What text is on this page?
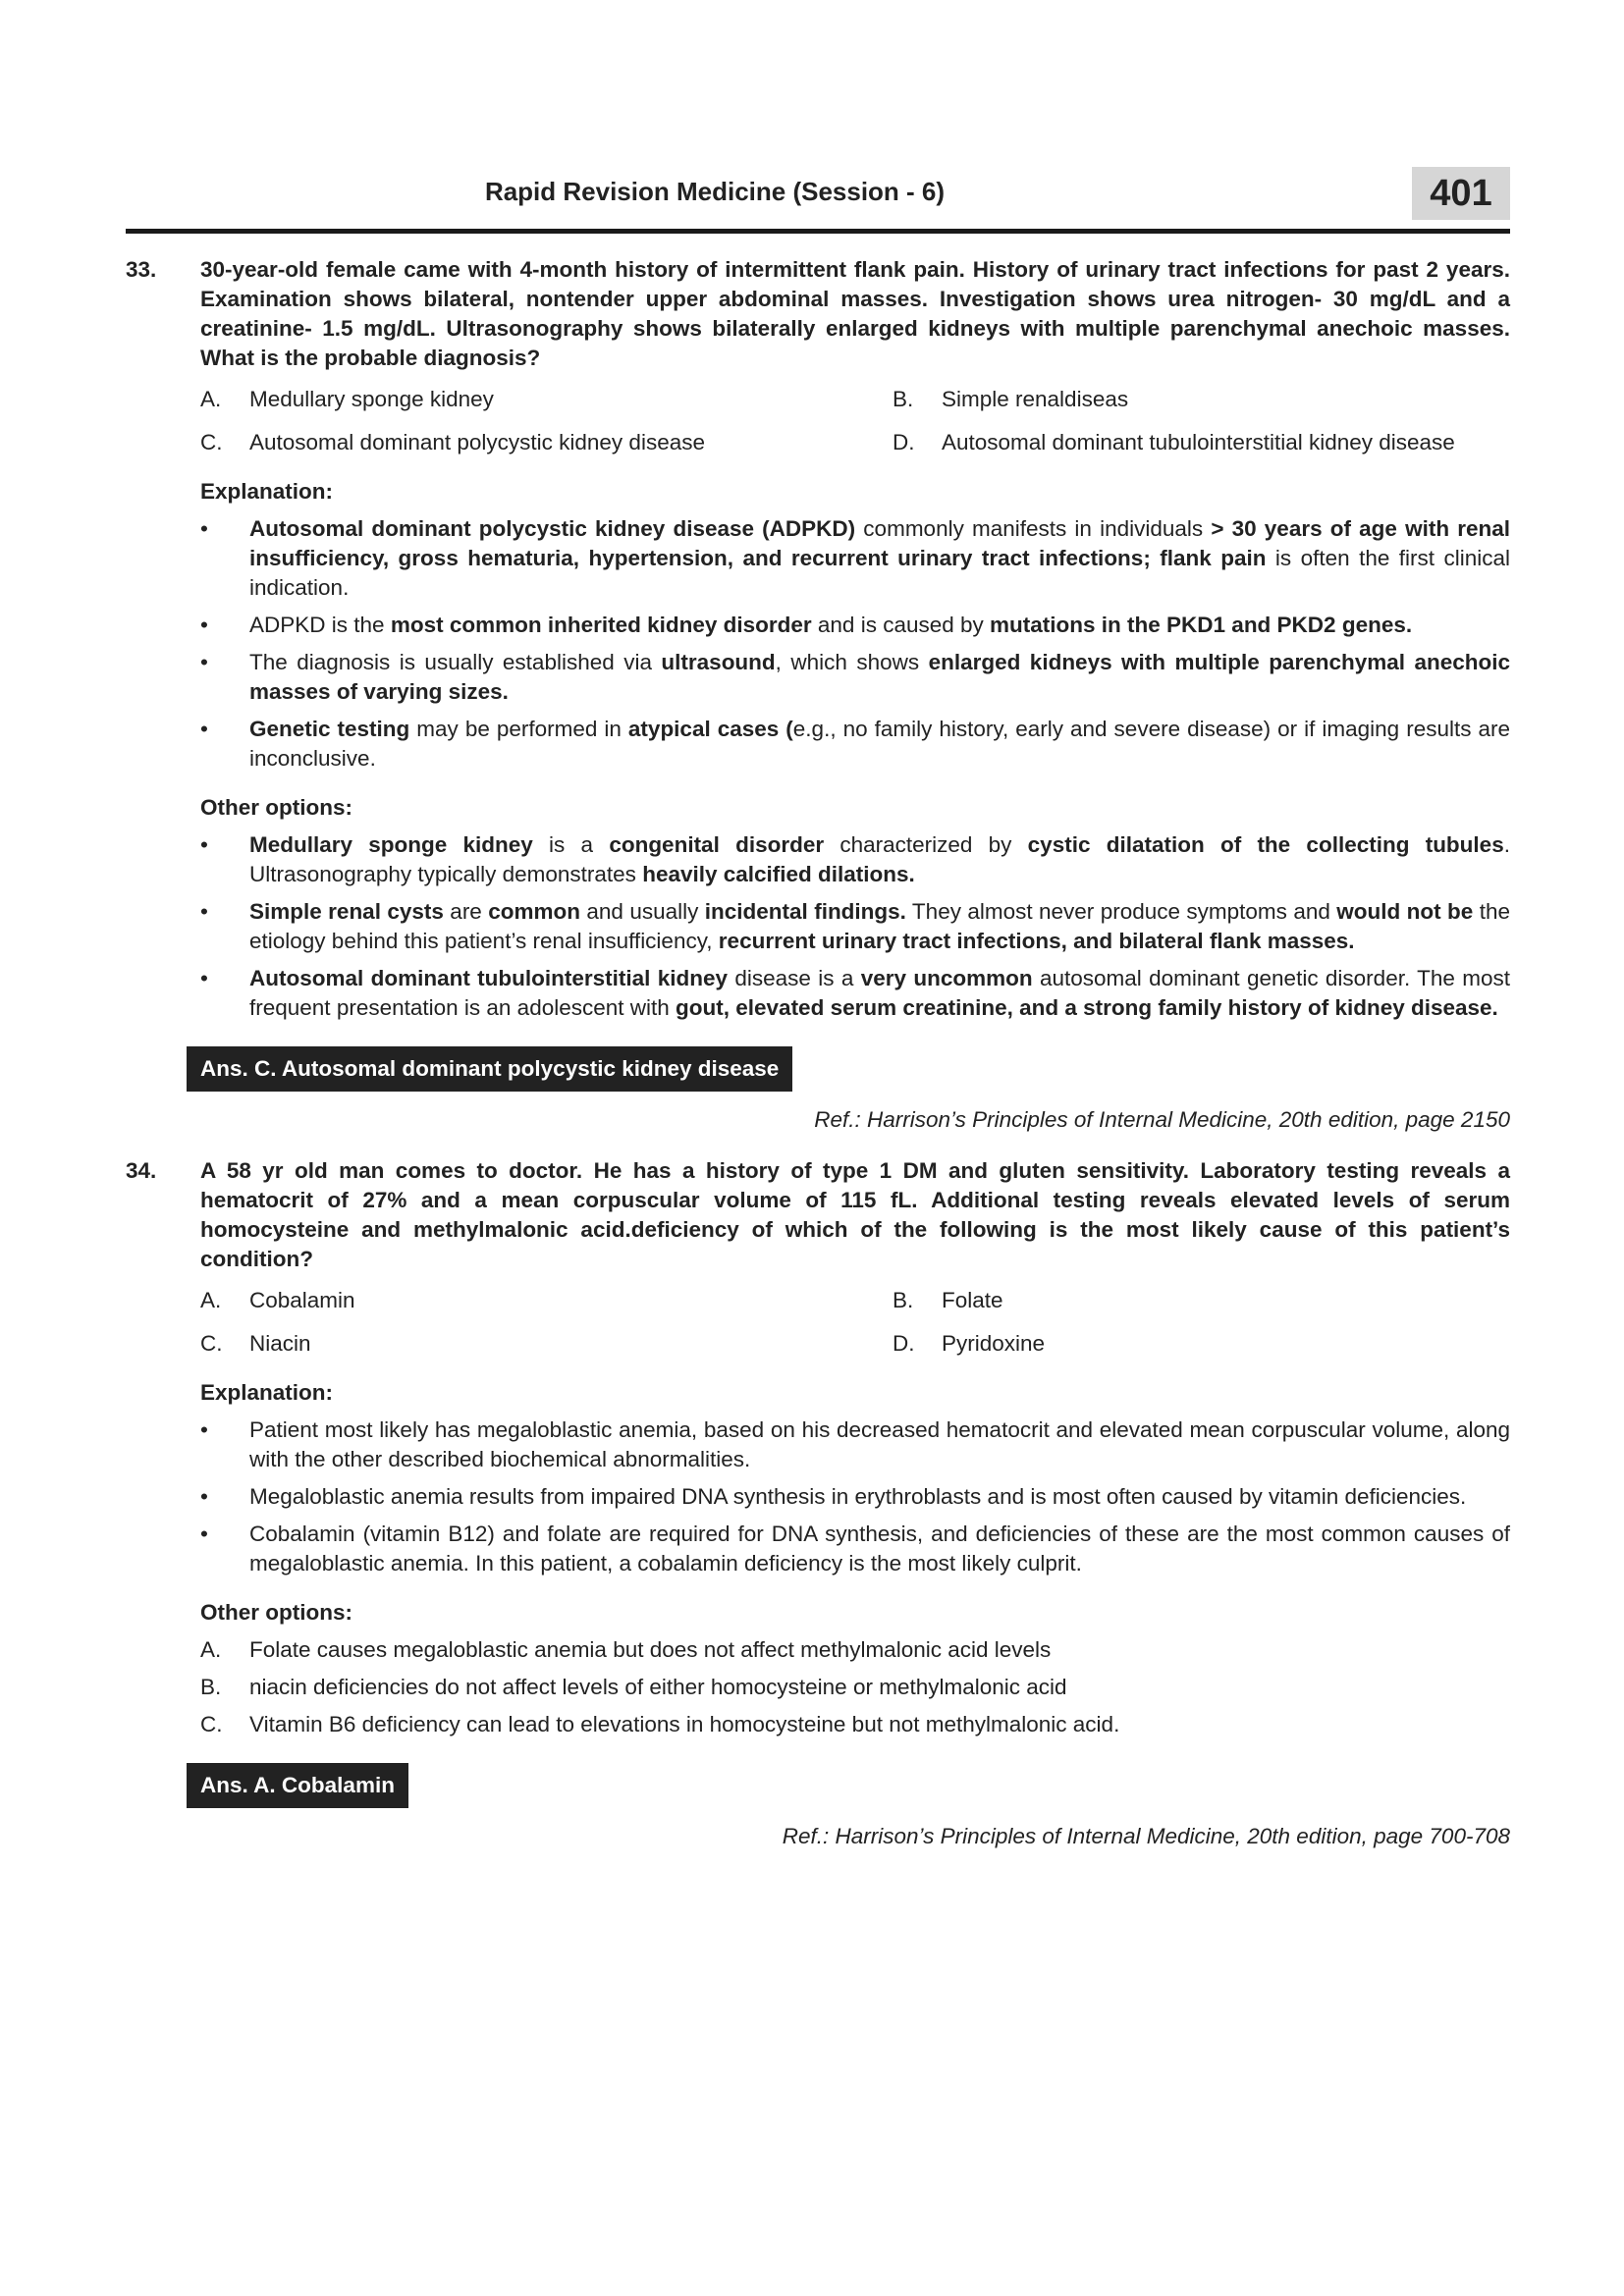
Rapid Revision Medicine (Session - 6)	401
33.	30-year-old female came with 4-month history of intermittent flank pain. History of urinary tract infections for past 2 years. Examination shows bilateral, nontender upper abdominal masses. Investigation shows urea nitrogen- 30 mg/dL and a creatinine- 1.5 mg/dL. Ultrasonography shows bilaterally enlarged kidneys with multiple parenchymal anechoic masses. What is the probable diagnosis?
A.	Medullary sponge kidney	B.	Simple renaldiseas
C.	Autosomal dominant polycystic kidney disease	D.	Autosomal dominant tubulointerstitial kidney disease
Explanation:
•	Autosomal dominant polycystic kidney disease (ADPKD) commonly manifests in individuals > 30 years of age with renal insufficiency, gross hematuria, hypertension, and recurrent urinary tract infections; flank pain is often the first clinical indication.
•	ADPKD is the most common inherited kidney disorder and is caused by mutations in the PKD1 and PKD2 genes.
•	The diagnosis is usually established via ultrasound, which shows enlarged kidneys with multiple parenchymal anechoic masses of varying sizes.
•	Genetic testing may be performed in atypical cases (e.g., no family history, early and severe disease) or if imaging results are inconclusive.
Other options:
•	Medullary sponge kidney is a congenital disorder characterized by cystic dilatation of the collecting tubules. Ultrasonography typically demonstrates heavily calcified dilations.
•	Simple renal cysts are common and usually incidental findings. They almost never produce symptoms and would not be the etiology behind this patient’s renal insufficiency, recurrent urinary tract infections, and bilateral flank masses.
•	Autosomal dominant tubulointerstitial kidney disease is a very uncommon autosomal dominant genetic disorder. The most frequent presentation is an adolescent with gout, elevated serum creatinine, and a strong family history of kidney disease.
Ans. C. Autosomal dominant polycystic kidney disease
Ref.: Harrison’s Principles of Internal Medicine, 20th edition, page 2150
34.	A 58 yr old man comes to doctor. He has a history of type 1 DM and gluten sensitivity. Laboratory testing reveals a hematocrit of 27% and a mean corpuscular volume of 115 fL. Additional testing reveals elevated levels of serum homocysteine and methylmalonic acid.deficiency of which of the following is the most likely cause of this patient’s condition?
A.	Cobalamin	B.	Folate
C.	Niacin	D.	Pyridoxine
Explanation:
•	Patient most likely has megaloblastic anemia, based on his decreased hematocrit and elevated mean corpuscular volume, along with the other described biochemical abnormalities.
•	Megaloblastic anemia results from impaired DNA synthesis in erythroblasts and is most often caused by vitamin deficiencies.
•	Cobalamin (vitamin B12) and folate are required for DNA synthesis, and deficiencies of these are the most common causes of megaloblastic anemia. In this patient, a cobalamin deficiency is the most likely culprit.
Other options:
A.	Folate causes megaloblastic anemia but does not affect methylmalonic acid levels
B.	niacin deficiencies do not affect levels of either homocysteine or methylmalonic acid
C.	Vitamin B6 deficiency can lead to elevations in homocysteine but not methylmalonic acid.
Ans. A. Cobalamin
Ref.: Harrison’s Principles of Internal Medicine, 20th edition, page 700-708
